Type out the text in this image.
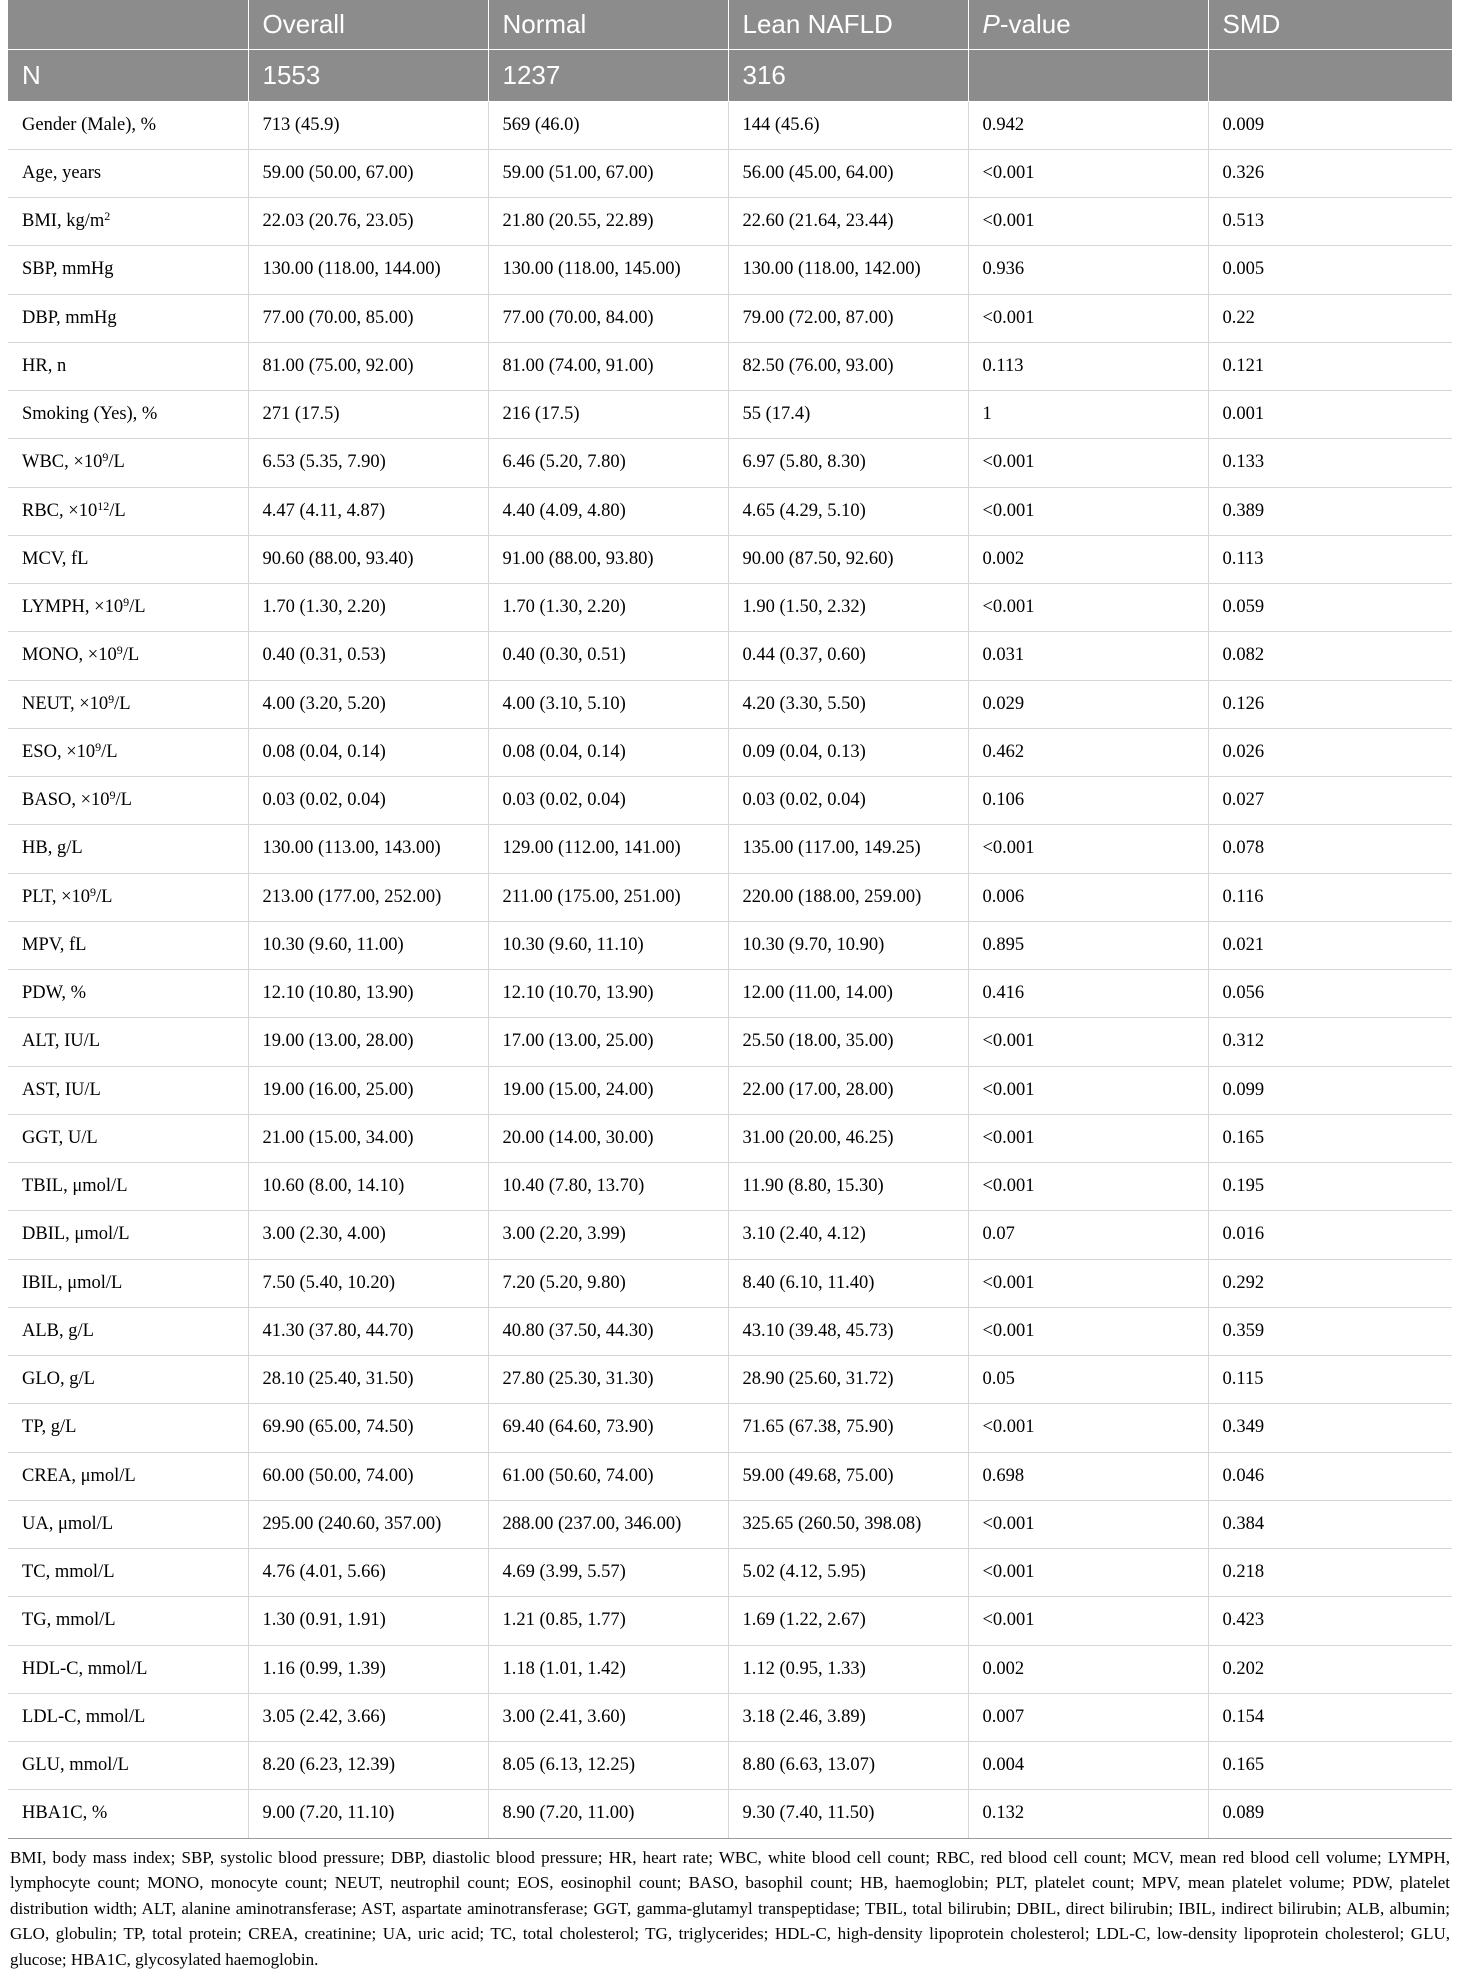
	Overall	Normal	Lean NAFLD	P-value	SMD
N	1553	1237	316		
Gender (Male), %	713 (45.9)	569 (46.0)	144 (45.6)	0.942	0.009
Age, years	59.00 (50.00, 67.00)	59.00 (51.00, 67.00)	56.00 (45.00, 64.00)	<0.001	0.326
BMI, $kg/m^2$	22.03 (20.76, 23.05)	21.80 (20.55, 22.89)	22.60 (21.64, 23.44)	<0.001	0.513
SBP, mmHg	130.00 (118.00, 144.00)	130.00 (118.00, 145.00)	130.00 (118.00, 142.00)	0.936	0.005
DBP, mmHg	77.00 (70.00, 85.00)	77.00 (70.00, 84.00)	79.00 (72.00, 87.00)	<0.001	0.22
HR, n	81.00 (75.00, 92.00)	81.00 (74.00, 91.00)	82.50 (76.00, 93.00)	0.113	0.121
Smoking (Yes), %	271 (17.5)	216 (17.5)	55 (17.4)	1	0.001
WBC, $\times 10^9/L$	6.53 (5.35, 7.90)	6.46 (5.20, 7.80)	6.97 (5.80, 8.30)	<0.001	0.133
RBC, $\times 10^{12}/L$	4.47 (4.11, 4.87)	4.40 (4.09, 4.80)	4.65 (4.29, 5.10)	<0.001	0.389
MCV, fL	90.60 (88.00, 93.40)	91.00 (88.00, 93.80)	90.00 (87.50, 92.60)	0.002	0.113
LYMPH, $\times 10^9/L$	1.70 (1.30, 2.20)	1.70 (1.30, 2.20)	1.90 (1.50, 2.32)	<0.001	0.059
MONO, $\times 10^9/L$	0.40 (0.31, 0.53)	0.40 (0.30, 0.51)	0.44 (0.37, 0.60)	0.031	0.082
NEUT, $\times 10^9/L$	4.00 (3.20, 5.20)	4.00 (3.10, 5.10)	4.20 (3.30, 5.50)	0.029	0.126
ESO, $\times 10^9/L$	0.08 (0.04, 0.14)	0.08 (0.04, 0.14)	0.09 (0.04, 0.13)	0.462	0.026
BASO, $\times 10^9/L$	0.03 (0.02, 0.04)	0.03 (0.02, 0.04)	0.03 (0.02, 0.04)	0.106	0.027
HB, g/L	130.00 (113.00, 143.00)	129.00 (112.00, 141.00)	135.00 (117.00, 149.25)	<0.001	0.078
PLT, $\times 10^9/L$	213.00 (177.00, 252.00)	211.00 (175.00, 251.00)	220.00 (188.00, 259.00)	0.006	0.116
MPV, fL	10.30 (9.60, 11.00)	10.30 (9.60, 11.10)	10.30 (9.70, 10.90)	0.895	0.021
PDW, %	12.10 (10.80, 13.90)	12.10 (10.70, 13.90)	12.00 (11.00, 14.00)	0.416	0.056
ALT, IU/L	19.00 (13.00, 28.00)	17.00 (13.00, 25.00)	25.50 (18.00, 35.00)	<0.001	0.312
AST, IU/L	19.00 (16.00, 25.00)	19.00 (15.00, 24.00)	22.00 (17.00, 28.00)	<0.001	0.099
GGT, U/L	21.00 (15.00, 34.00)	20.00 (14.00, 30.00)	31.00 (20.00, 46.25)	<0.001	0.165
TBIL, μmol/L	10.60 (8.00, 14.10)	10.40 (7.80, 13.70)	11.90 (8.80, 15.30)	<0.001	0.195
DBIL, μmol/L	3.00 (2.30, 4.00)	3.00 (2.20, 3.99)	3.10 (2.40, 4.12)	0.07	0.016
IBIL, μmol/L	7.50 (5.40, 10.20)	7.20 (5.20, 9.80)	8.40 (6.10, 11.40)	<0.001	0.292
ALB, g/L	41.30 (37.80, 44.70)	40.80 (37.50, 44.30)	43.10 (39.48, 45.73)	<0.001	0.359
GLO, g/L	28.10 (25.40, 31.50)	27.80 (25.30, 31.30)	28.90 (25.60, 31.72)	0.05	0.115
TP, g/L	69.90 (65.00, 74.50)	69.40 (64.60, 73.90)	71.65 (67.38, 75.90)	<0.001	0.349
CREA, μmol/L	60.00 (50.00, 74.00)	61.00 (50.60, 74.00)	59.00 (49.68, 75.00)	0.698	0.046
UA, μmol/L	295.00 (240.60, 357.00)	288.00 (237.00, 346.00)	325.65 (260.50, 398.08)	<0.001	0.384
TC, mmol/L	4.76 (4.01, 5.66)	4.69 (3.99, 5.57)	5.02 (4.12, 5.95)	<0.001	0.218
TG, mmol/L	1.30 (0.91, 1.91)	1.21 (0.85, 1.77)	1.69 (1.22, 2.67)	<0.001	0.423
HDL-C, mmol/L	1.16 (0.99, 1.39)	1.18 (1.01, 1.42)	1.12 (0.95, 1.33)	0.002	0.202
LDL-C, mmol/L	3.05 (2.42, 3.66)	3.00 (2.41, 3.60)	3.18 (2.46, 3.89)	0.007	0.154
GLU, mmol/L	8.20 (6.23, 12.39)	8.05 (6.13, 12.25)	8.80 (6.63, 13.07)	0.004	0.165
HBA1C, %	9.00 (7.20, 11.10)	8.90 (7.20, 11.00)	9.30 (7.40, 11.50)	0.132	0.089
BMI, body mass index; SBP, systolic blood pressure; DBP, diastolic blood pressure; HR, heart rate; WBC, white blood cell count; RBC, red blood cell count; MCV, mean red blood cell volume; LYMPH, lymphocyte count; MONO, monocyte count; NEUT, neutrophil count; EOS, eosinophil count; BASO, basophil count; HB, haemoglobin; PLT, platelet count; MPV, mean platelet volume; PDW, platelet distribution width; ALT, alanine aminotransferase; AST, aspartate aminotransferase; GGT, gamma-glutamyl transpeptidase; TBIL, total bilirubin; DBIL, direct bilirubin; IBIL, indirect bilirubin; ALB, albumin; GLO, globulin; TP, total protein; CREA, creatinine; UA, uric acid; TC, total cholesterol; TG, triglycerides; HDL-C, high-density lipoprotein cholesterol; LDL-C, low-density lipoprotein cholesterol; GLU, glucose; HBA1C, glycosylated haemoglobin.
